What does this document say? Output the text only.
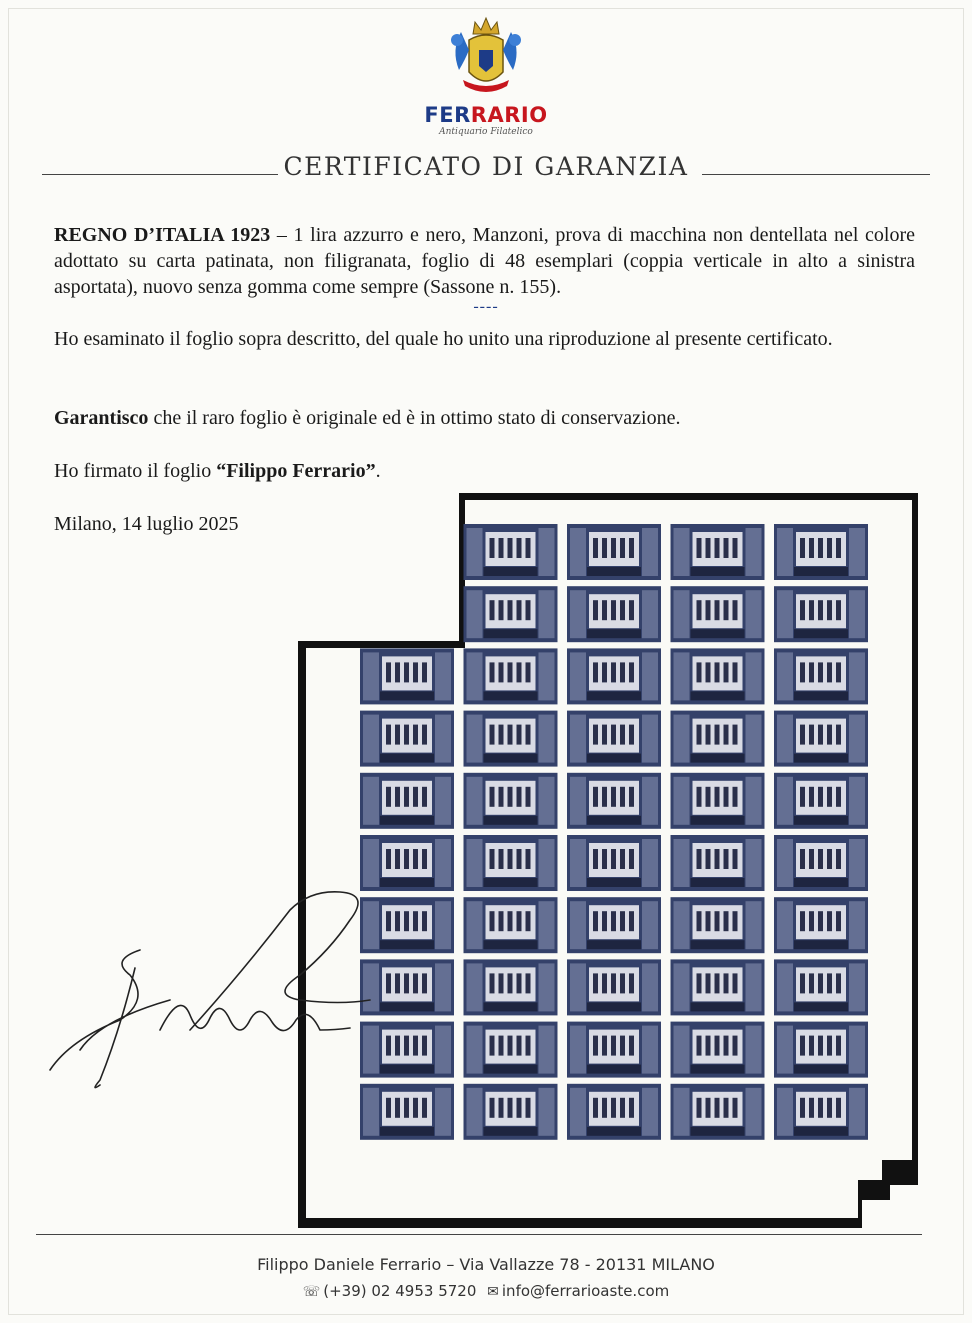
FERRARIO
Antiquario Filatelico
CERTIFICATO DI GARANZIA
REGNO D’ITALIA 1923 – 1 lira azzurro e nero, Manzoni, prova di macchina non dentellata nel colore adottato su carta patinata, non filigranata, foglio di 48 esemplari (coppia verticale in alto a sinistra asportata), nuovo senza gomma come sempre (Sassone n. 155).
----
Ho esaminato il foglio sopra descritto, del quale ho unito una riproduzione al presente certificato.
Garantisco che il raro foglio è originale ed è in ottimo stato di conservazione.
Ho firmato il foglio “Filippo Ferrario”.
Milano, 14 luglio 2025
Filippo Daniele Ferrario – Via Vallazze 78 - 20131 MILANO
☏ (+39) 02 4953 5720 ✉ info@ferrarioaste.com
